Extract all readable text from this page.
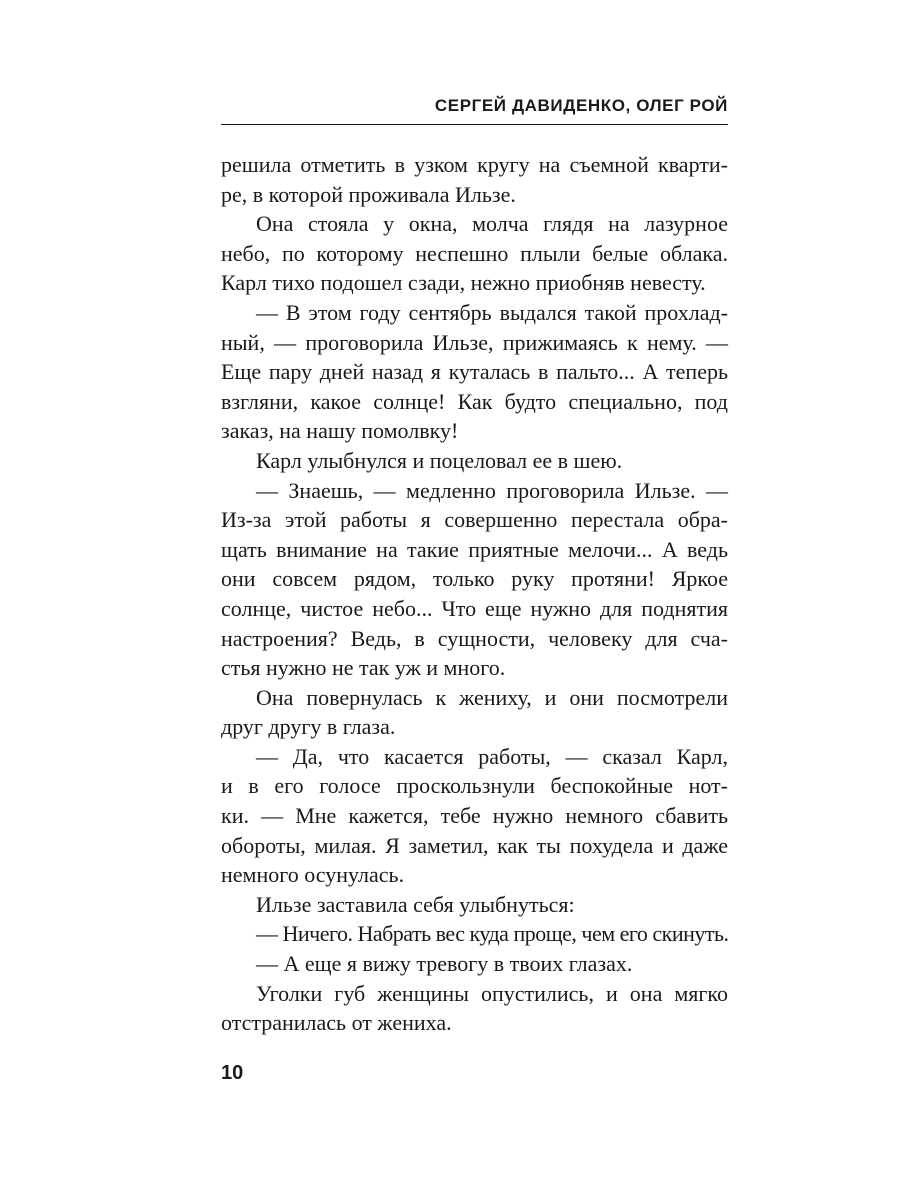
СЕРГЕЙ ДАВИДЕНКО, ОЛЕГ РОЙ
решила отметить в узком кругу на съемной кварти-
ре, в которой проживала Ильзе.
Она стояла у окна, молча глядя на лазурное
небо, по которому неспешно плыли белые облака.
Карл тихо подошел сзади, нежно приобняв невесту.
— В этом году сентябрь выдался такой прохлад-
ный, — проговорила Ильзе, прижимаясь к нему. —
Еще пару дней назад я куталась в пальто... А теперь
взгляни, какое солнце! Как будто специально, под
заказ, на нашу помолвку!
Карл улыбнулся и поцеловал ее в шею.
— Знаешь, — медленно проговорила Ильзе. —
Из-за этой работы я совершенно перестала обра-
щать внимание на такие приятные мелочи... А ведь
они совсем рядом, только руку протяни! Яркое
солнце, чистое небо... Что еще нужно для поднятия
настроения? Ведь, в сущности, человеку для сча-
стья нужно не так уж и много.
Она повернулась к жениху, и они посмотрели
друг другу в глаза.
— Да, что касается работы, — сказал Карл,
и в его голосе проскользнули беспокойные нот-
ки. — Мне кажется, тебе нужно немного сбавить
обороты, милая. Я заметил, как ты похудела и даже
немного осунулась.
Ильзе заставила себя улыбнуться:
— Ничего. Набрать вес куда проще, чем его скинуть.
— А еще я вижу тревогу в твоих глазах.
Уголки губ женщины опустились, и она мягко
отстранилась от жениха.
10
